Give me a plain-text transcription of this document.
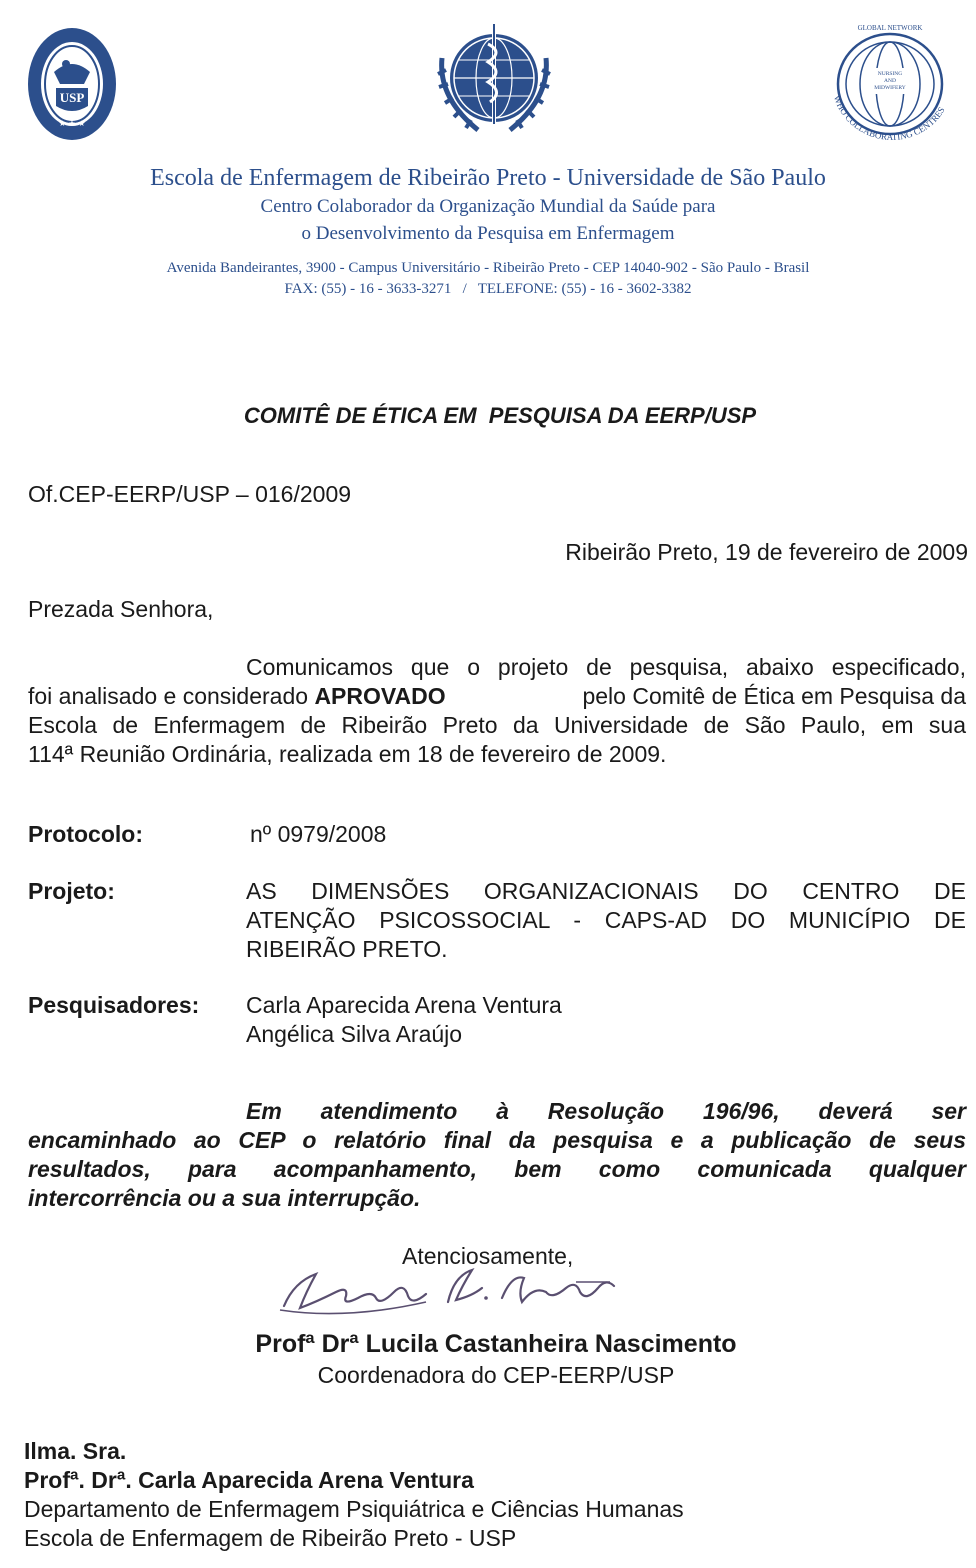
USP
★ ★ ★
GLOBAL NETWORK
NURSING
AND
MIDWIFERY
WHO COLLABORATING CENTRES
Escola de Enfermagem de Ribeirão Preto - Universidade de São Paulo
Centro Colaborador da Organização Mundial da Saúde para
o Desenvolvimento da Pesquisa em Enfermagem
Avenida Bandeirantes, 3900 - Campus Universitário - Ribeirão Preto - CEP 14040-902 - São Paulo - Brasil
FAX: (55) - 16 - 3633-3271   /   TELEFONE: (55) - 16 - 3602-3382
COMITÊ DE ÉTICA EM  PESQUISA DA EERP/USP
Of.CEP-EERP/USP – 016/2009
Ribeirão Preto, 19 de fevereiro de 2009
Prezada Senhora,
Comunicamos que o projeto de pesquisa, abaixo especificado,
foi analisado e considerado APROVADO	pelo Comitê de Ética em Pesquisa da
Escola de Enfermagem de Ribeirão Preto da Universidade de São Paulo, em sua
114ª Reunião Ordinária, realizada em 18 de fevereiro de 2009.
Protocolo:	nº 0979/2008
Projeto:	AS DIMENSÕES ORGANIZACIONAIS DO CENTRO DE
ATENÇÃO PSICOSSOCIAL - CAPS-AD DO MUNICÍPIO DE
RIBEIRÃO PRETO.
Pesquisadores: Carla Aparecida Arena Ventura
Angélica Silva Araújo
Em atendimento à Resolução 196/96, deverá ser
encaminhado ao CEP o relatório final da pesquisa e a publicação de seus
resultados, para acompanhamento, bem como comunicada qualquer
intercorrência ou a sua interrupção.
Atenciosamente,
Profª Drª Lucila Castanheira Nascimento
Coordenadora do CEP-EERP/USP
Ilma. Sra.
Profª. Drª. Carla Aparecida Arena Ventura
Departamento de Enfermagem Psiquiátrica e Ciências Humanas
Escola de Enfermagem de Ribeirão Preto - USP
